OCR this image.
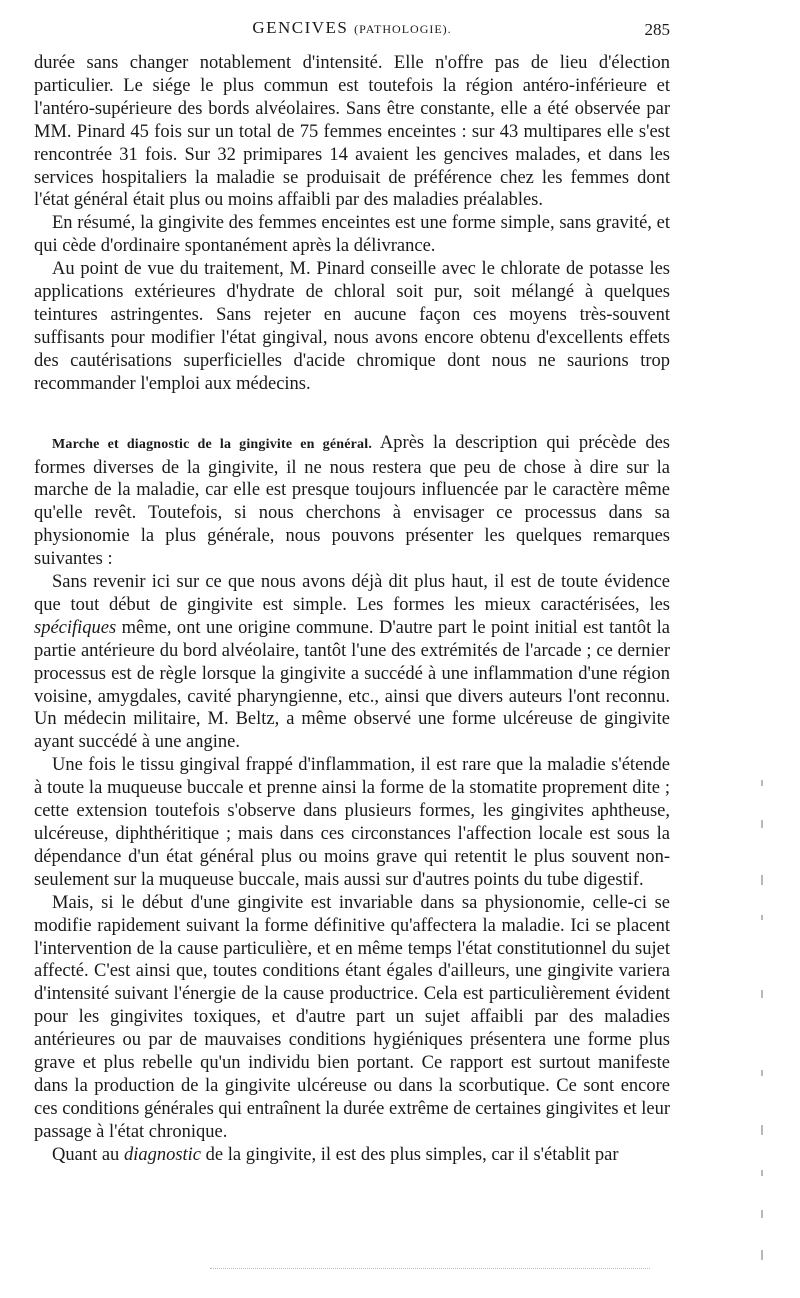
GENCIVES (PATHOLOGIE).	285

durée sans changer notablement d'intensité. Elle n'offre pas de lieu d'élection particulier. Le siége le plus commun est toutefois la région antéro-inférieure et l'antéro-supérieure des bords alvéolaires. Sans être constante, elle a été observée par MM. Pinard 45 fois sur un total de 75 femmes enceintes : sur 43 multipares elle s'est rencontrée 31 fois. Sur 32 primipares 14 avaient les gencives malades, et dans les services hospitaliers la maladie se produisait de préférence chez les femmes dont l'état général était plus ou moins affaibli par des maladies préalables.

En résumé, la gingivite des femmes enceintes est une forme simple, sans gravité, et qui cède d'ordinaire spontanément après la délivrance.

Au point de vue du traitement, M. Pinard conseille avec le chlorate de potasse les applications extérieures d'hydrate de chloral soit pur, soit mélangé à quelques teintures astringentes. Sans rejeter en aucune façon ces moyens très-souvent suffisants pour modifier l'état gingival, nous avons encore obtenu d'excellents effets des cautérisations superficielles d'acide chromique dont nous ne saurions trop recommander l'emploi aux médecins.

Marche et diagnostic de la gingivite en général. Après la description qui précède des formes diverses de la gingivite, il ne nous restera que peu de chose à dire sur la marche de la maladie, car elle est presque toujours influencée par le caractère même qu'elle revêt. Toutefois, si nous cherchons à envisager ce processus dans sa physionomie la plus générale, nous pouvons présenter les quelques remarques suivantes :

Sans revenir ici sur ce que nous avons déjà dit plus haut, il est de toute évidence que tout début de gingivite est simple. Les formes les mieux caractérisées, les spécifiques même, ont une origine commune. D'autre part le point initial est tantôt la partie antérieure du bord alvéolaire, tantôt l'une des extrémités de l'arcade ; ce dernier processus est de règle lorsque la gingivite a succédé à une inflammation d'une région voisine, amygdales, cavité pharyngienne, etc., ainsi que divers auteurs l'ont reconnu. Un médecin militaire, M. Beltz, a même observé une forme ulcéreuse de gingivite ayant succédé à une angine.

Une fois le tissu gingival frappé d'inflammation, il est rare que la maladie s'étende à toute la muqueuse buccale et prenne ainsi la forme de la stomatite proprement dite ; cette extension toutefois s'observe dans plusieurs formes, les gingivites aphtheuse, ulcéreuse, diphthéritique ; mais dans ces circonstances l'affection locale est sous la dépendance d'un état général plus ou moins grave qui retentit le plus souvent non-seulement sur la muqueuse buccale, mais aussi sur d'autres points du tube digestif.

Mais, si le début d'une gingivite est invariable dans sa physionomie, celle-ci se modifie rapidement suivant la forme définitive qu'affectera la maladie. Ici se placent l'intervention de la cause particulière, et en même temps l'état constitutionnel du sujet affecté. C'est ainsi que, toutes conditions étant égales d'ailleurs, une gingivite variera d'intensité suivant l'énergie de la cause productrice. Cela est particulièrement évident pour les gingivites toxiques, et d'autre part un sujet affaibli par des maladies antérieures ou par de mauvaises conditions hygiéniques présentera une forme plus grave et plus rebelle qu'un individu bien portant. Ce rapport est surtout manifeste dans la production de la gingivite ulcéreuse ou dans la scorbutique. Ce sont encore ces conditions générales qui entraînent la durée extrême de certaines gingivites et leur passage à l'état chronique.

Quant au diagnostic de la gingivite, il est des plus simples, car il s'établit par
